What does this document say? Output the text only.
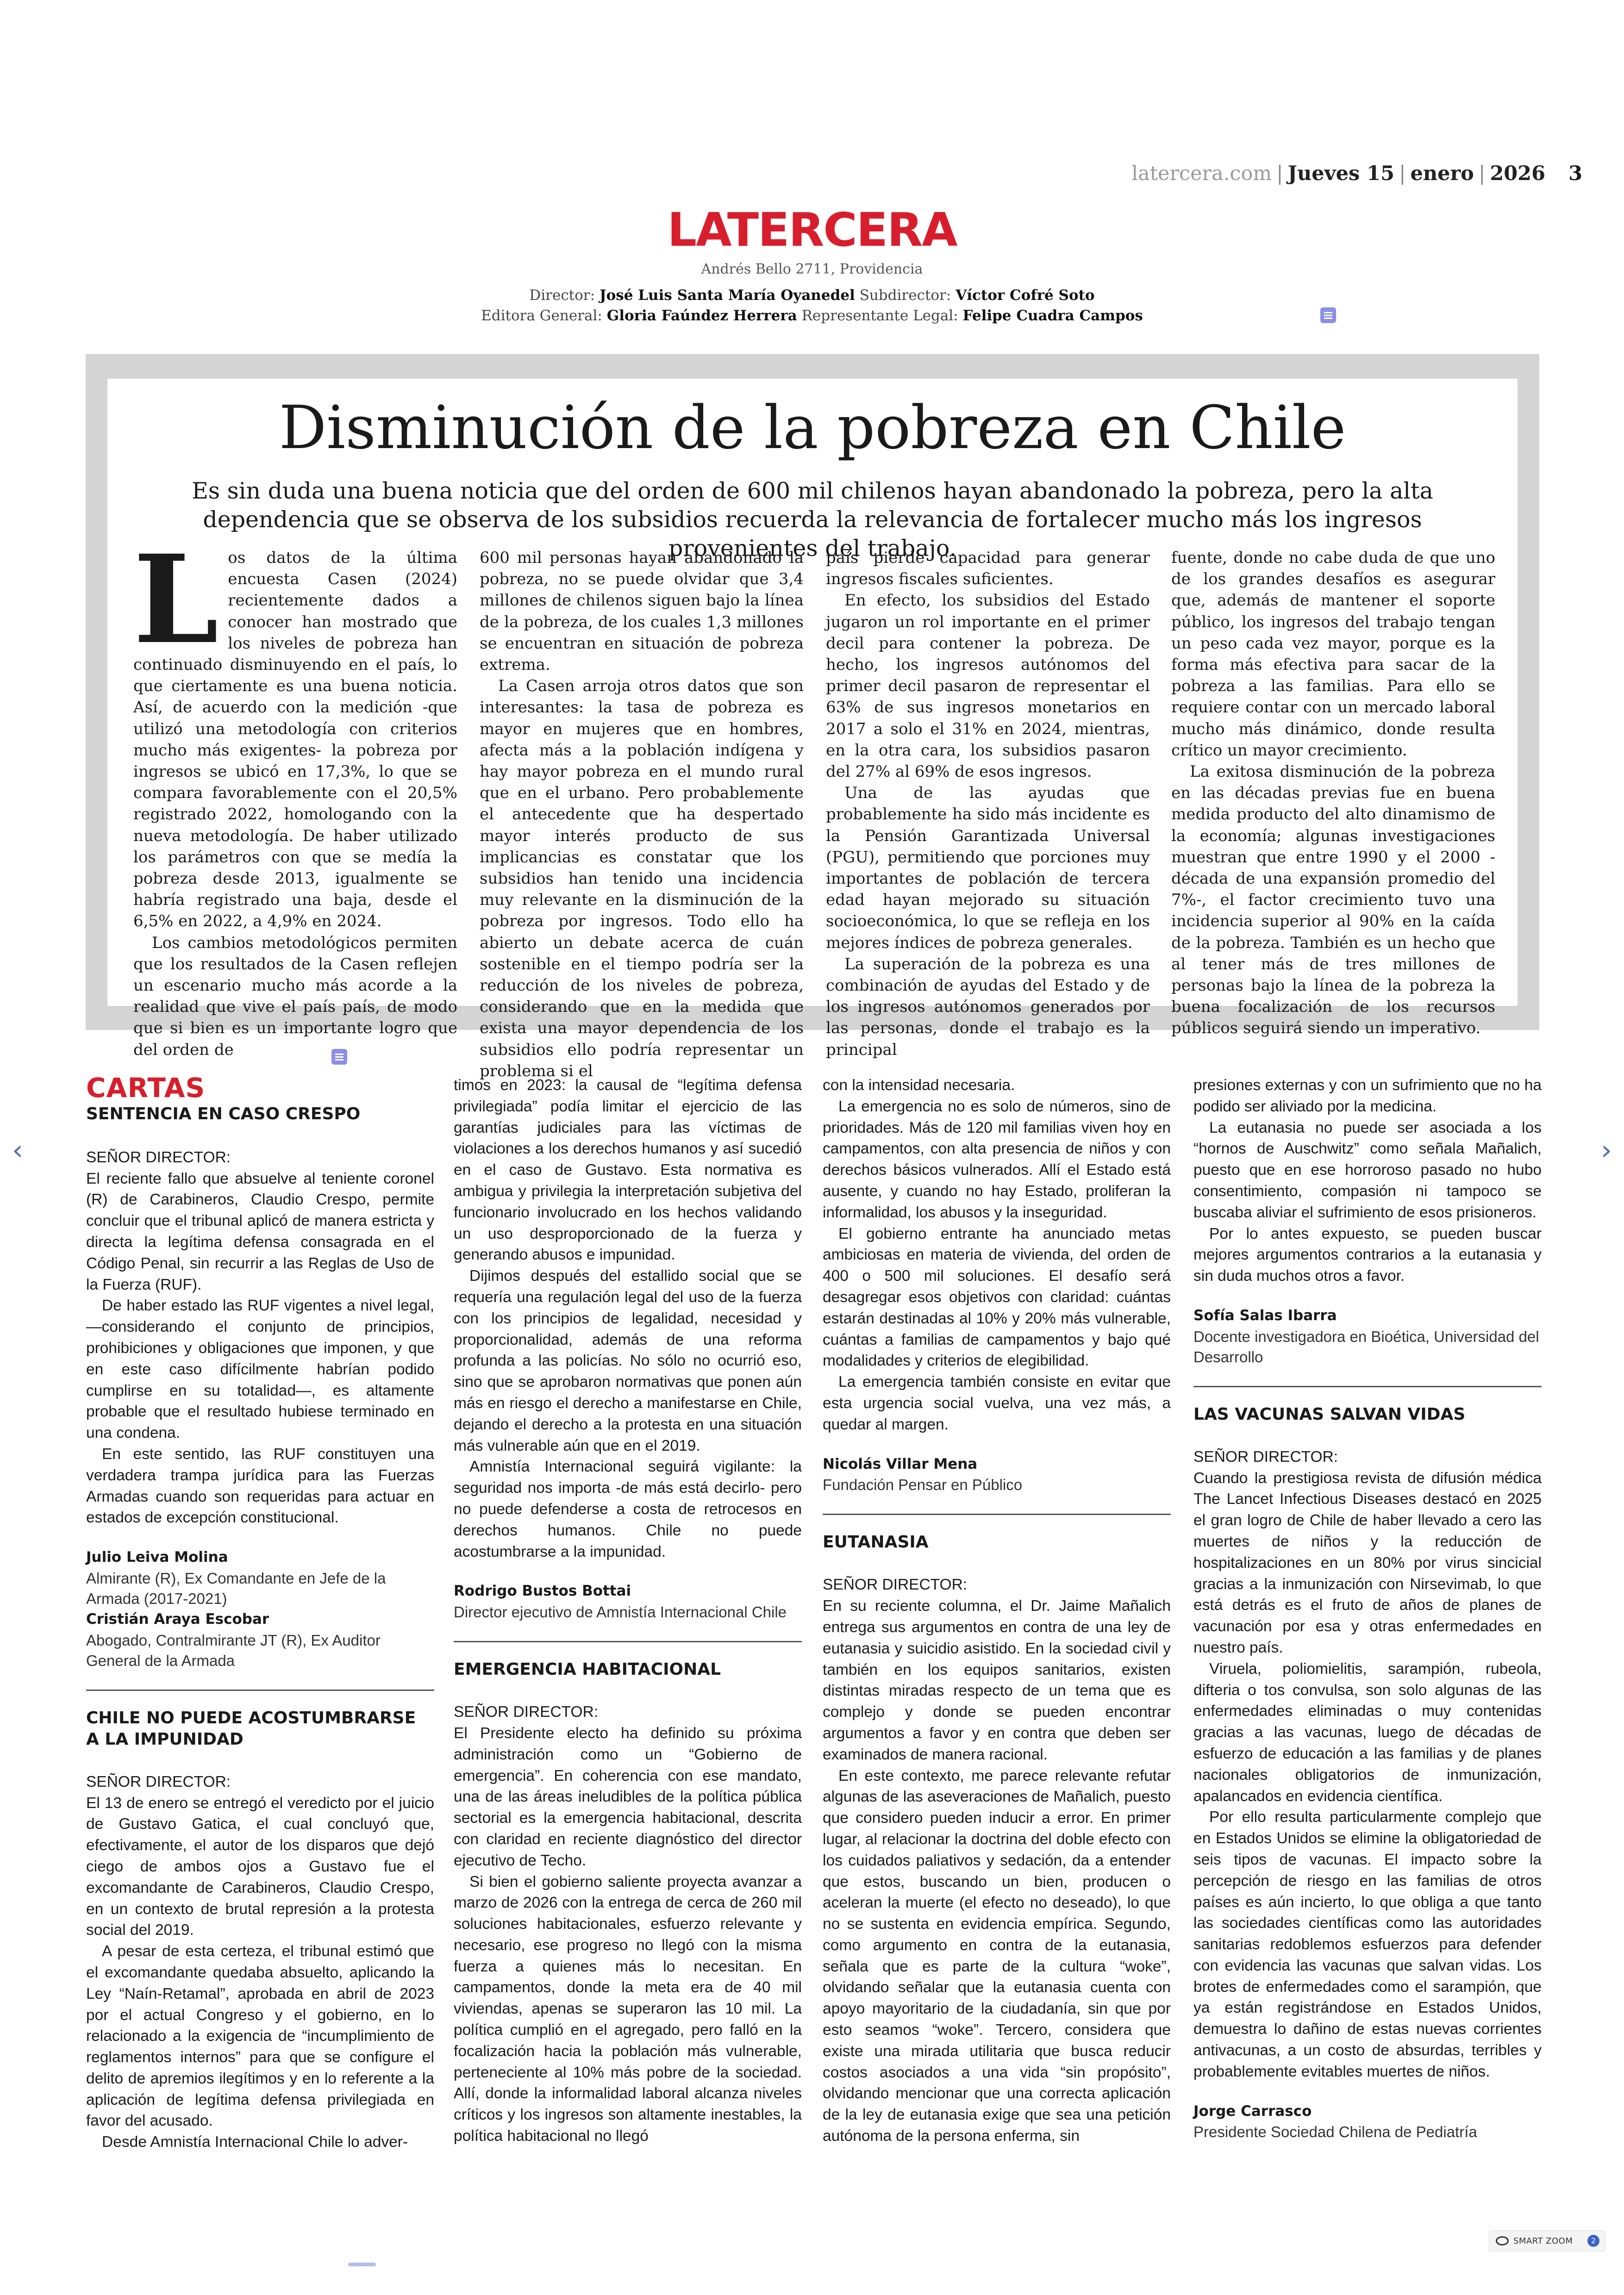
latercera.com | Jueves 15 | enero | 2026 3
LATERCERA
Andrés Bello 2711, Providencia
Director: José Luis Santa María Oyanedel Subdirector: Víctor Cofré Soto
Editora General: Gloria Faúndez Herrera Representante Legal: Felipe Cuadra Campos
Disminución de la pobreza en Chile
Es sin duda una buena noticia que del orden de 600 mil chilenos hayan abandonado la pobreza, pero la alta dependencia que se observa de los subsidios recuerda la relevancia de fortalecer mucho más los ingresos provenientes del trabajo.
L os datos de la última encuesta Casen (2024) recientemente dados a conocer han mostrado que los niveles de pobreza han continuado disminuyendo en el país, lo que ciertamente es una buena noticia. Así, de acuerdo con la medición -que utilizó una metodología con criterios mucho más exigentes- la pobreza por ingresos se ubicó en 17,3%, lo que se compara favorablemente con el 20,5% registrado 2022, homologando con la nueva metodología. De haber utilizado los parámetros con que se medía la pobreza desde 2013, igualmente se habría registrado una baja, desde el 6,5% en 2022, a 4,9% en 2024.

Los cambios metodológicos permiten que los resultados de la Casen reflejen un escenario mucho más acorde a la realidad que vive el país país, de modo que si bien es un importante logro que del orden de

600 mil personas hayan abandonado la pobreza, no se puede olvidar que 3,4 millones de chilenos siguen bajo la línea de la pobreza, de los cuales 1,3 millones se encuentran en situación de pobreza extrema.

La Casen arroja otros datos que son interesantes: la tasa de pobreza es mayor en mujeres que en hombres, afecta más a la población indígena y hay mayor pobreza en el mundo rural que en el urbano. Pero probablemente el antecedente que ha despertado mayor interés producto de sus implicancias es constatar que los subsidios han tenido una incidencia muy relevante en la disminución de la pobreza por ingresos. Todo ello ha abierto un debate acerca de cuán sostenible en el tiempo podría ser la reducción de los niveles de pobreza, considerando que en la medida que exista una mayor dependencia de los subsidios ello podría representar un problema si el

país pierde capacidad para generar ingresos fiscales suficientes.

En efecto, los subsidios del Estado jugaron un rol importante en el primer decil para contener la pobreza. De hecho, los ingresos autónomos del primer decil pasaron de representar el 63% de sus ingresos monetarios en 2017 a solo el 31% en 2024, mientras, en la otra cara, los subsidios pasaron del 27% al 69% de esos ingresos.

Una de las ayudas que probablemente ha sido más incidente es la Pensión Garantizada Universal (PGU), permitiendo que porciones muy importantes de población de tercera edad hayan mejorado su situación socioeconómica, lo que se refleja en los mejores índices de pobreza generales.

La superación de la pobreza es una combinación de ayudas del Estado y de los ingresos autónomos generados por las personas, donde el trabajo es la principal

fuente, donde no cabe duda de que uno de los grandes desafíos es asegurar que, además de mantener el soporte público, los ingresos del trabajo tengan un peso cada vez mayor, porque es la forma más efectiva para sacar de la pobreza a las familias. Para ello se requiere contar con un mercado laboral mucho más dinámico, donde resulta crítico un mayor crecimiento.

La exitosa disminución de la pobreza en las décadas previas fue en buena medida producto del alto dinamismo de la economía; algunas investigaciones muestran que entre 1990 y el 2000 -década de una expansión promedio del 7%-, el factor crecimiento tuvo una incidencia superior al 90% en la caída de la pobreza. También es un hecho que al tener más de tres millones de personas bajo la línea de la pobreza la buena focalización de los recursos públicos seguirá siendo un imperativo.

CARTAS
SENTENCIA EN CASO CRESPO

SEÑOR DIRECTOR:

El reciente fallo que absuelve al teniente coronel (R) de Carabineros, Claudio Crespo, permite concluir que el tribunal aplicó de manera estricta y directa la legítima defensa consagrada en el Código Penal, sin recurrir a las Reglas de Uso de la Fuerza (RUF).

De haber estado las RUF vigentes a nivel legal, —considerando el conjunto de principios, prohibiciones y obligaciones que imponen, y que en este caso difícilmente habrían podido cumplirse en su totalidad—, es altamente probable que el resultado hubiese terminado en una condena.

En este sentido, las RUF constituyen una verdadera trampa jurídica para las Fuerzas Armadas cuando son requeridas para actuar en estados de excepción constitucional.

Julio Leiva Molina
Almirante (R), Ex Comandante en Jefe de la Armada (2017-2021)
Cristián Araya Escobar
Abogado, Contralmirante JT (R), Ex Auditor General de la Armada
CHILE NO PUEDE ACOSTUMBRARSE A LA IMPUNIDAD

SEÑOR DIRECTOR:

El 13 de enero se entregó el veredicto por el juicio de Gustavo Gatica, el cual concluyó que, efectivamente, el autor de los disparos que dejó ciego de ambos ojos a Gustavo fue el excomandante de Carabineros, Claudio Crespo, en un contexto de brutal represión a la protesta social del 2019.

A pesar de esta certeza, el tribunal estimó que el excomandante quedaba absuelto, aplicando la Ley “Naín-Retamal”, aprobada en abril de 2023 por el actual Congreso y el gobierno, en lo relacionado a la exigencia de “incumplimiento de reglamentos internos” para que se configure el delito de apremios ilegítimos y en lo referente a la aplicación de legítima defensa privilegiada en favor del acusado.

Desde Amnistía Internacional Chile lo adver-

timos en 2023: la causal de “legítima defensa privilegiada” podía limitar el ejercicio de las garantías judiciales para las víctimas de violaciones a los derechos humanos y así sucedió en el caso de Gustavo. Esta normativa es ambigua y privilegia la interpretación subjetiva del funcionario involucrado en los hechos validando un uso desproporcionado de la fuerza y generando abusos e impunidad.

Dijimos después del estallido social que se requería una regulación legal del uso de la fuerza con los principios de legalidad, necesidad y proporcionalidad, además de una reforma profunda a las policías. No sólo no ocurrió eso, sino que se aprobaron normativas que ponen aún más en riesgo el derecho a manifestarse en Chile, dejando el derecho a la protesta en una situación más vulnerable aún que en el 2019.

Amnistía Internacional seguirá vigilante: la seguridad nos importa -de más está decirlo- pero no puede defenderse a costa de retrocesos en derechos humanos. Chile no puede acostumbrarse a la impunidad.

Rodrigo Bustos Bottai
Director ejecutivo de Amnistía Internacional Chile
EMERGENCIA HABITACIONAL

SEÑOR DIRECTOR:

El Presidente electo ha definido su próxima administración como un “Gobierno de emergencia”. En coherencia con ese mandato, una de las áreas ineludibles de la política pública sectorial es la emergencia habitacional, descrita con claridad en reciente diagnóstico del director ejecutivo de Techo.

Si bien el gobierno saliente proyecta avanzar a marzo de 2026 con la entrega de cerca de 260 mil soluciones habitacionales, esfuerzo relevante y necesario, ese progreso no llegó con la misma fuerza a quienes más lo necesitan. En campamentos, donde la meta era de 40 mil viviendas, apenas se superaron las 10 mil. La política cumplió en el agregado, pero falló en la focalización hacia la población más vulnerable, perteneciente al 10% más pobre de la sociedad. Allí, donde la informalidad laboral alcanza niveles críticos y los ingresos son altamente inestables, la política habitacional no llegó

con la intensidad necesaria.

La emergencia no es solo de números, sino de prioridades. Más de 120 mil familias viven hoy en campamentos, con alta presencia de niños y con derechos básicos vulnerados. Allí el Estado está ausente, y cuando no hay Estado, proliferan la informalidad, los abusos y la inseguridad.

El gobierno entrante ha anunciado metas ambiciosas en materia de vivienda, del orden de 400 o 500 mil soluciones. El desafío será desagregar esos objetivos con claridad: cuántas estarán destinadas al 10% y 20% más vulnerable, cuántas a familias de campamentos y bajo qué modalidades y criterios de elegibilidad.

La emergencia también consiste en evitar que esta urgencia social vuelva, una vez más, a quedar al margen.

Nicolás Villar Mena
Fundación Pensar en Público
EUTANASIA

SEÑOR DIRECTOR:

En su reciente columna, el Dr. Jaime Mañalich entrega sus argumentos en contra de una ley de eutanasia y suicidio asistido. En la sociedad civil y también en los equipos sanitarios, existen distintas miradas respecto de un tema que es complejo y donde se pueden encontrar argumentos a favor y en contra que deben ser examinados de manera racional.

En este contexto, me parece relevante refutar algunas de las aseveraciones de Mañalich, puesto que considero pueden inducir a error. En primer lugar, al relacionar la doctrina del doble efecto con los cuidados paliativos y sedación, da a entender que estos, buscando un bien, producen o aceleran la muerte (el efecto no deseado), lo que no se sustenta en evidencia empírica. Segundo, como argumento en contra de la eutanasia, señala que es parte de la cultura “woke”, olvidando señalar que la eutanasia cuenta con apoyo mayoritario de la ciudadanía, sin que por esto seamos “woke”. Tercero, considera que existe una mirada utilitaria que busca reducir costos asociados a una vida “sin propósito”, olvidando mencionar que una correcta aplicación de la ley de eutanasia exige que sea una petición autónoma de la persona enferma, sin

presiones externas y con un sufrimiento que no ha podido ser aliviado por la medicina.

La eutanasia no puede ser asociada a los “hornos de Auschwitz” como señala Mañalich, puesto que en ese horroroso pasado no hubo consentimiento, compasión ni tampoco se buscaba aliviar el sufrimiento de esos prisioneros.

Por lo antes expuesto, se pueden buscar mejores argumentos contrarios a la eutanasia y sin duda muchos otros a favor.

Sofía Salas Ibarra
Docente investigadora en Bioética, Universidad del Desarrollo
LAS VACUNAS SALVAN VIDAS

SEÑOR DIRECTOR:

Cuando la prestigiosa revista de difusión médica The Lancet Infectious Diseases destacó en 2025 el gran logro de Chile de haber llevado a cero las muertes de niños y la reducción de hospitalizaciones en un 80% por virus sincicial gracias a la inmunización con Nirsevimab, lo que está detrás es el fruto de años de planes de vacunación por esa y otras enfermedades en nuestro país.

Viruela, poliomielitis, sarampión, rubeola, difteria o tos convulsa, son solo algunas de las enfermedades eliminadas o muy contenidas gracias a las vacunas, luego de décadas de esfuerzo de educación a las familias y de planes nacionales obligatorios de inmunización, apalancados en evidencia científica.

Por ello resulta particularmente complejo que en Estados Unidos se elimine la obligatoriedad de seis tipos de vacunas. El impacto sobre la percepción de riesgo en las familias de otros países es aún incierto, lo que obliga a que tanto las sociedades científicas como las autoridades sanitarias redoblemos esfuerzos para defender con evidencia las vacunas que salvan vidas. Los brotes de enfermedades como el sarampión, que ya están registrándose en Estados Unidos, demuestra lo dañino de estas nuevas corrientes antivacunas, a un costo de absurdas, terribles y probablemente evitables muertes de niños.

Jorge Carrasco
Presidente Sociedad Chilena de Pediatría
‹	›
SMART ZOOM	2
